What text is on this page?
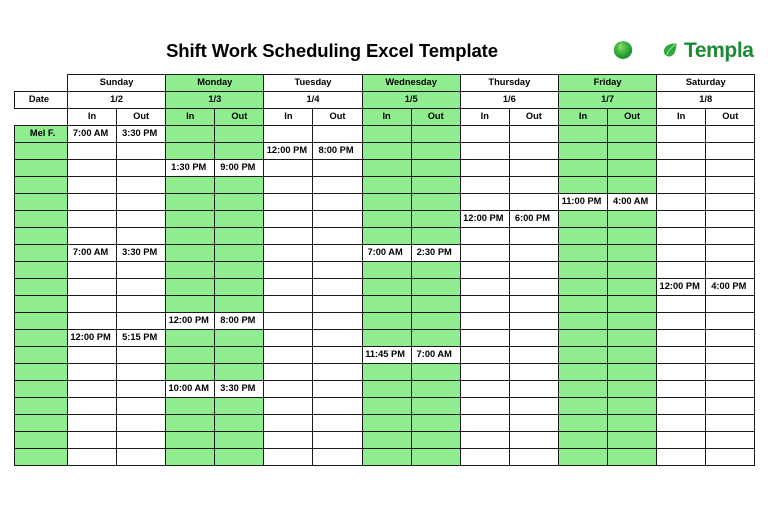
Shift Work Scheduling Excel Template	Templa
	Sunday		Monday		Tuesday		Wednesday		Thursday		Friday		Saturday	
Date	1/2		1/3		1/4		1/5		1/6		1/7		1/8	
	In	Out	In	Out	In	Out	In	Out	In	Out	In	Out	In	Out
Mel F.	7:00 AM	3:30 PM												
					12:00 PM	8:00 PM								
			1:30 PM	9:00 PM										

											11:00 PM	4:00 AM		
									12:00 PM	6:00 PM				

	7:00 AM	3:30 PM					7:00 AM	2:30 PM						

													12:00 PM	4:00 PM

			12:00 PM	8:00 PM										
	12:00 PM	5:15 PM												
							11:45 PM	7:00 AM						

			10:00 AM	3:30 PM										
